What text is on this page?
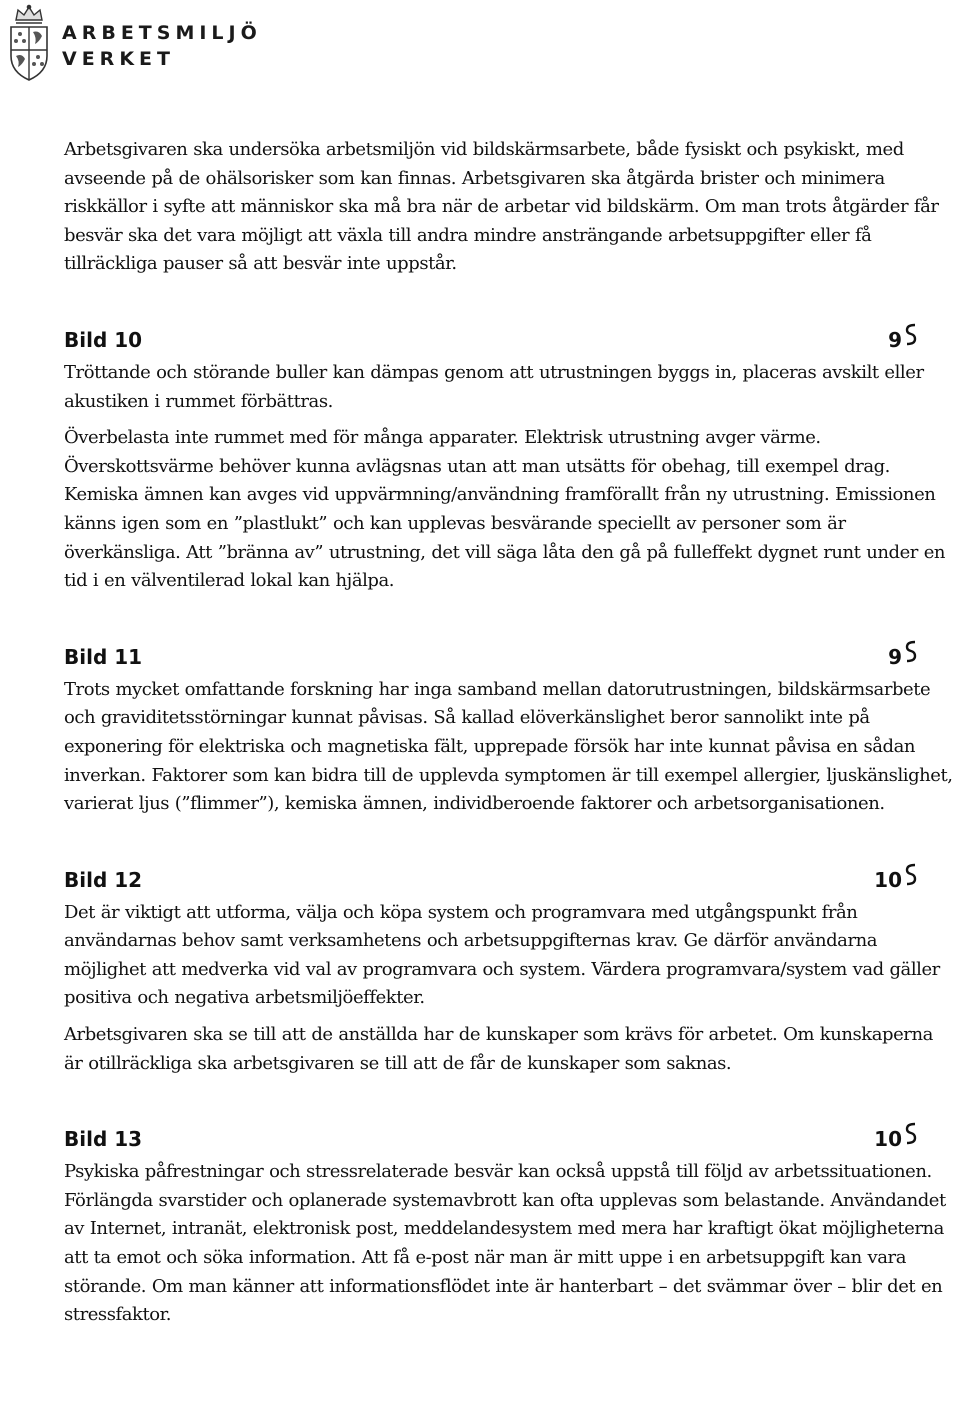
ARBETSMILJÖ
VERKET

Arbetsgivaren ska undersöka arbetsmiljön vid bildskärmsarbete, både fysiskt och psykiskt, med avseende på de ohälsorisker som kan finnas. Arbetsgivaren ska åtgärda brister och minimera riskkällor i syfte att människor ska må bra när de arbetar vid bildskärm. Om man trots åtgärder får besvär ska det vara möjligt att växla till andra mindre ansträngande arbetsuppgifter eller få tillräckliga pauser så att besvär inte uppstår.

Bild 10	9

Tröttande och störande buller kan dämpas genom att utrustningen byggs in, placeras avskilt eller akustiken i rummet förbättras.

Överbelasta inte rummet med för många apparater. Elektrisk utrustning avger värme. Överskottsvärme behöver kunna avlägsnas utan att man utsätts för obehag, till exempel drag. Kemiska ämnen kan avges vid uppvärmning/användning framförallt från ny utrustning. Emissionen känns igen som en ”plastlukt” och kan upplevas besvärande speciellt av personer som är överkänsliga. Att ”bränna av” utrustning, det vill säga låta den gå på fulleffekt dygnet runt under en tid i en välventilerad lokal kan hjälpa.

Bild 11	9

Trots mycket omfattande forskning har inga samband mellan datorutrustningen, bildskärmsarbete och graviditetsstörningar kunnat påvisas. Så kallad elöverkänslighet beror sannolikt inte på exponering för elektriska och magnetiska fält, upprepade försök har inte kunnat påvisa en sådan inverkan. Faktorer som kan bidra till de upplevda symptomen är till exempel allergier, ljuskänslighet, varierat ljus (”flimmer”), kemiska ämnen, individberoende faktorer och arbetsorganisationen.

Bild 12	10

Det är viktigt att utforma, välja och köpa system och programvara med utgångspunkt från användarnas behov samt verksamhetens och arbetsuppgifternas krav. Ge därför användarna möjlighet att medverka vid val av programvara och system. Värdera programvara/system vad gäller positiva och negativa arbetsmiljöeffekter.

Arbetsgivaren ska se till att de anställda har de kunskaper som krävs för arbetet. Om kunskaperna är otillräckliga ska arbetsgivaren se till att de får de kunskaper som saknas.

Bild 13	10

Psykiska påfrestningar och stressrelaterade besvär kan också uppstå till följd av arbetssituationen. Förlängda svarstider och oplanerade systemavbrott kan ofta upplevas som belastande. Användandet av Internet, intranät, elektronisk post, meddelandesystem med mera har kraftigt ökat möjligheterna att ta emot och söka information. Att få e-post när man är mitt uppe i en arbetsuppgift kan vara störande. Om man känner att informationsflödet inte är hanterbart – det svämmar över – blir det en stressfaktor.
